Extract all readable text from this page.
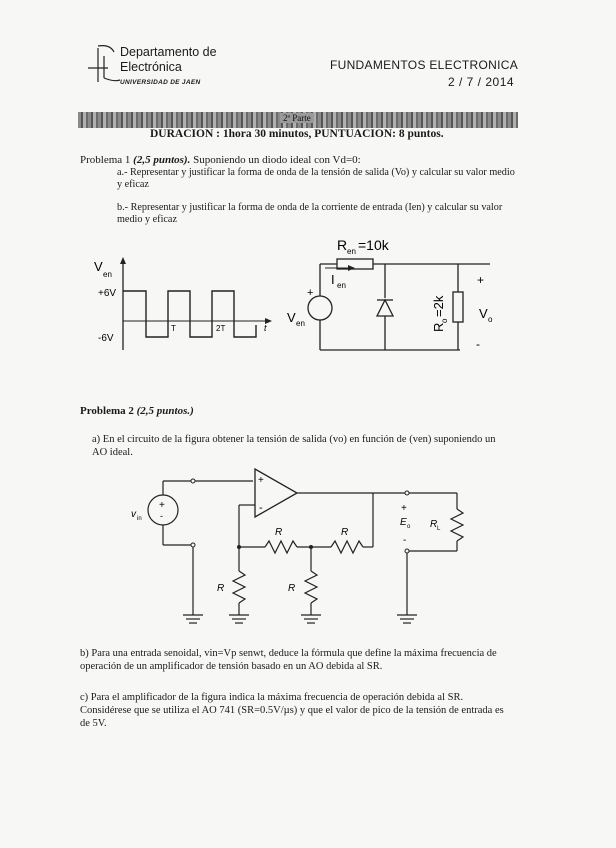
Departamento de
Electrónica
UNIVERSIDAD DE JAEN
FUNDAMENTOS ELECTRONICA
2 / 7 / 2014
2ª Parte
DURACION : 1hora 30 minutos, PUNTUACION: 8 puntos.
Problema 1 (2,5 puntos). Suponiendo un diodo ideal con Vd=0:
a.- Representar y justificar la forma de onda de la tensión de salida (Vo) y calcular su valor medio y eficaz
b.- Representar y justificar la forma de onda de la corriente de entrada (Ien) y calcular su valor medio y eficaz
V
en
+6V
-6V
T	2T	t
R en =10k
I en
+
V en	R
o
=2k
+
V o
-
Problema 2 (2,5 puntos.)
a) En el circuito de la figura obtener la tensión de salida (vo) en función de (ven) suponiendo un AO ideal.
+
-
+
-
v in
R	R
R	R
+
E o
-
R L
b) Para una entrada senoidal, vin=Vp senwt, deduce la fórmula que define la máxima frecuencia de operación de un amplificador de tensión basado en un AO debida al SR.
c) Para el amplificador de la figura indica la máxima frecuencia de operación debida al SR. Considérese que se utiliza el AO 741 (SR=0.5V/µs) y que el valor de pico de la tensión de entrada es de 5V.
